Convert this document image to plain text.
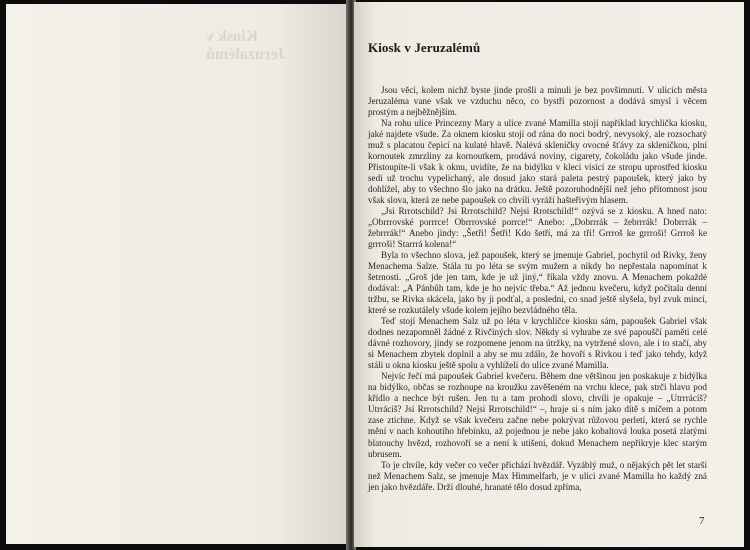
Kiosk v Jeruzalémů	Kiosk v Jeruzalémů

Jsou věci, kolem nichž byste jinde prošli a minuli je bez povšimnutí. V ulicích města Jeruzaléma vane však ve vzduchu něco, co bystří pozornost a dodává smysl i věcem prostým a nejběžnějším.

Na rohu ulice Princezny Mary a ulice zvané Mamilla stojí například krychlička kiosku, jaké najdete všude. Za oknem kiosku stojí od rána do noci bodrý, nevysoký, ale rozsochatý muž s placatou čepicí na kulaté hlavě. Nalévá skleničky ovocné šťávy za skleničkou, plní kornoutek zmrzliny za kornoutkem, prodává noviny, cigarety, čokoládu jako všude jinde. Přistoupíte-li však k oknu, uvidíte, že na bidýlku v kleci visící ze stropu uprostřed kiosku sedí už trochu vypelichaný, ale dosud jako stará paleta pestrý papoušek, který jako by dohlížel, aby to všechno šlo jako na drátku. Ještě pozoruhodnější než jeho přítomnost jsou však slova, která ze nebe papoušek co chvíli vyráží hašteřivým hlasem.

„Jsi Rrrotschild? Jsi Rrrotschild? Nejsi Rrotschild!“ ozývá se z kiosku. A hned nato: „Obrrrovské porrrce! Obrrrovské porrce!“ Anebo: „Dobrrrák – žebrrrák! Dobrrrák – žebrrrák!“ Anebo jindy: „Šetři! Šetři! Kdo šetří, má za tři! Grrroš ke grrroši! Grrroš ke grrroši! Starrrá kolena!“

Byla to všechno slova, jež papoušek, který se jmenuje Gabriel, pochytil od Rivky, ženy Menachema Salze. Stála tu po léta se svým mužem a nikdy ho nepřestala napomínat k šetrnosti. „Groš jde jen tam, kde je už jiný,“ říkala vždy znovu. A Menachem pokaždé dodával: „A Pánbůh tam, kde je ho nejvíc třeba.“ Až jednou kvečeru, když počítala denní tržbu, se Rivka skácela, jako by ji podťal, a posledni, co snad ještě slyšela, byl zvuk mincí, které se rozkutálely všude kolem jejího bezvládného těla.

Teď stojí Menachem Salz už po léta v krychličce kiosku sám, papoušek Gabriel však dodnes nezapomněl žádné z Rivčiných slov. Někdy si vyhrabe ze své papouščí paměti celé dávné rozhovory, jindy se rozpomene jenom na útržky, na vytržené slovo, ale i to stačí, aby si Menachem zbytek doplnil a aby se mu zdálo, že hovoří s Rivkou i teď jako tehdy, když stáli u okna kiosku ještě spolu a vyhlíželi do ulice zvané Mamilla.

Nejvíc řečí má papoušek Gabriel kvečeru. Během dne většinou jen poskakuje z bidýlka na bidýlko, občas se rozhoupe na kroužku zavěšeném na vrchu klece, pak strčí hlavu pod křídlo a nechce být rušen. Jen tu a tam prohodí slovo, chvíli je opakuje – „Utrrrácíš? Utrrácíš? Jsi Rrrotschild? Nejsi Rrrotschild!“ –, hraje si s ním jako dítě s míčem a potom zase ztichne. Když se však kvečeru začne nebe pokrývat růžovou perletí, která se rychle mění v nach kohoutího hřebínku, až pojednou je nebe jako kobaltová louka posetá zlatými blatouchy hvězd, rozhovoří se a není k utišení, dokud Menachem nepřikryje klec starým ubrusem.

To je chvíle, kdy večer co večer přichází hvězdář. Vyzáblý muž, o nějakých pět let starší než Menachem Salz, se jmenuje Max Himmelfarb, je v ulici zvané Mamilla ho každý zná jen jako hvězdáře. Drží dlouhé, hranaté tělo dosud zpříma,

7
